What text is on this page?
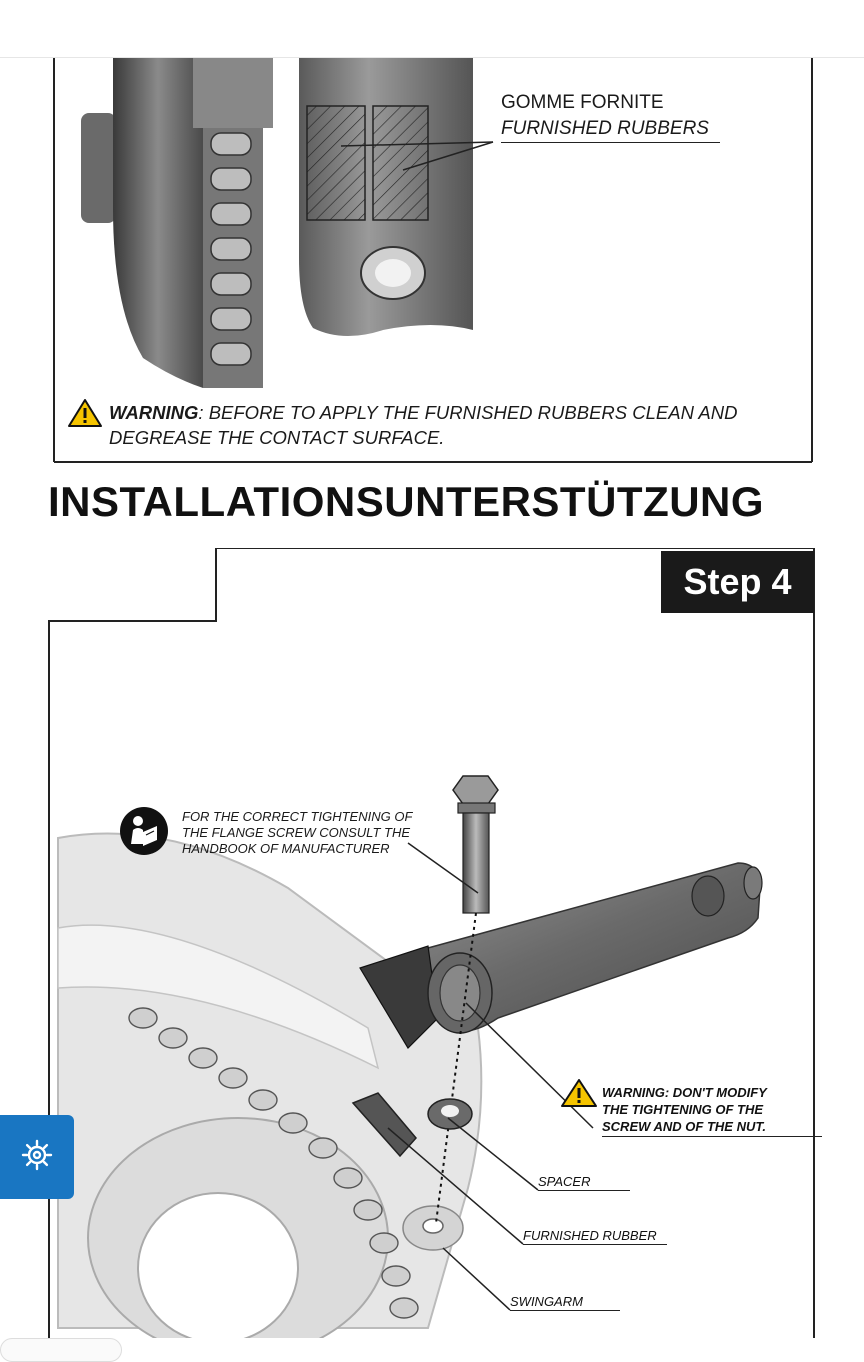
GOMME FORNITE
FURNISHED RUBBERS
WARNING: BEFORE TO APPLY THE FURNISHED RUBBERS CLEAN AND DEGREASE THE CONTACT SURFACE.
INSTALLATIONSUNTERSTÜTZUNG
Step 4
FOR THE CORRECT TIGHTENING OF
THE FLANGE SCREW CONSULT THE
HANDBOOK OF MANUFACTURER
WARNING: DON'T MODIFY
THE TIGHTENING OF THE
SCREW AND OF THE NUT.
SPACER
FURNISHED RUBBER
SWINGARM
